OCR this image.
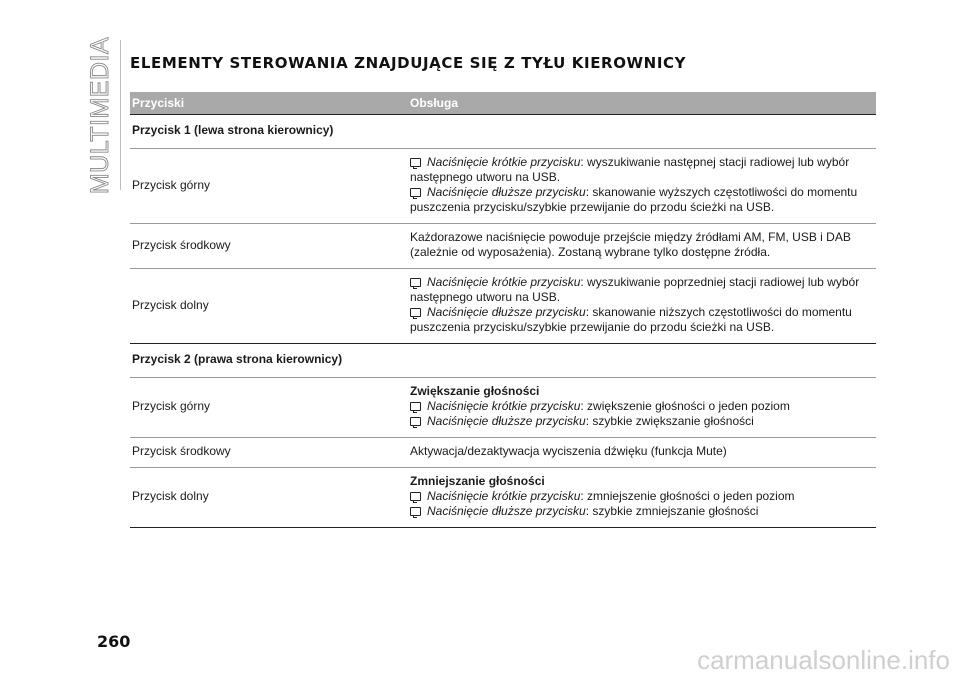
MULTIMEDIA ELEMENTY STEROWANIA ZNAJDUJĄCE SIĘ Z TYŁU KIEROWNICY
Przyciski	Obsługa
Przycisk 1 (lewa strona kierownicy)
Przycisk górny
Naciśnięcie krótkie przycisku: wyszukiwanie następnej stacji radiowej lub wybór następnego utworu na USB.
Naciśnięcie dłuższe przycisku: skanowanie wyższych częstotliwości do momentu puszczenia przycisku/szybkie przewijanie do przodu ścieżki na USB.
Przycisk środkowy
Każdorazowe naciśnięcie powoduje przejście między źródłami AM, FM, USB i DAB (zależnie od wyposażenia). Zostaną wybrane tylko dostępne źródła.
Przycisk dolny
Naciśnięcie krótkie przycisku: wyszukiwanie poprzedniej stacji radiowej lub wybór następnego utworu na USB.
Naciśnięcie dłuższe przycisku: skanowanie niższych częstotliwości do momentu puszczenia przycisku/szybkie przewijanie do przodu ścieżki na USB.
Przycisk 2 (prawa strona kierownicy)
Przycisk górny
Zwiększanie głośności
Naciśnięcie krótkie przycisku: zwiększenie głośności o jeden poziom
Naciśnięcie dłuższe przycisku: szybkie zwiększanie głośności
Przycisk środkowy	Aktywacja/dezaktywacja wyciszenia dźwięku (funkcja Mute)
Przycisk dolny
Zmniejszanie głośności
Naciśnięcie krótkie przycisku: zmniejszenie głośności o jeden poziom
Naciśnięcie dłuższe przycisku: szybkie zmniejszanie głośności
260
carmanualsonline.info
